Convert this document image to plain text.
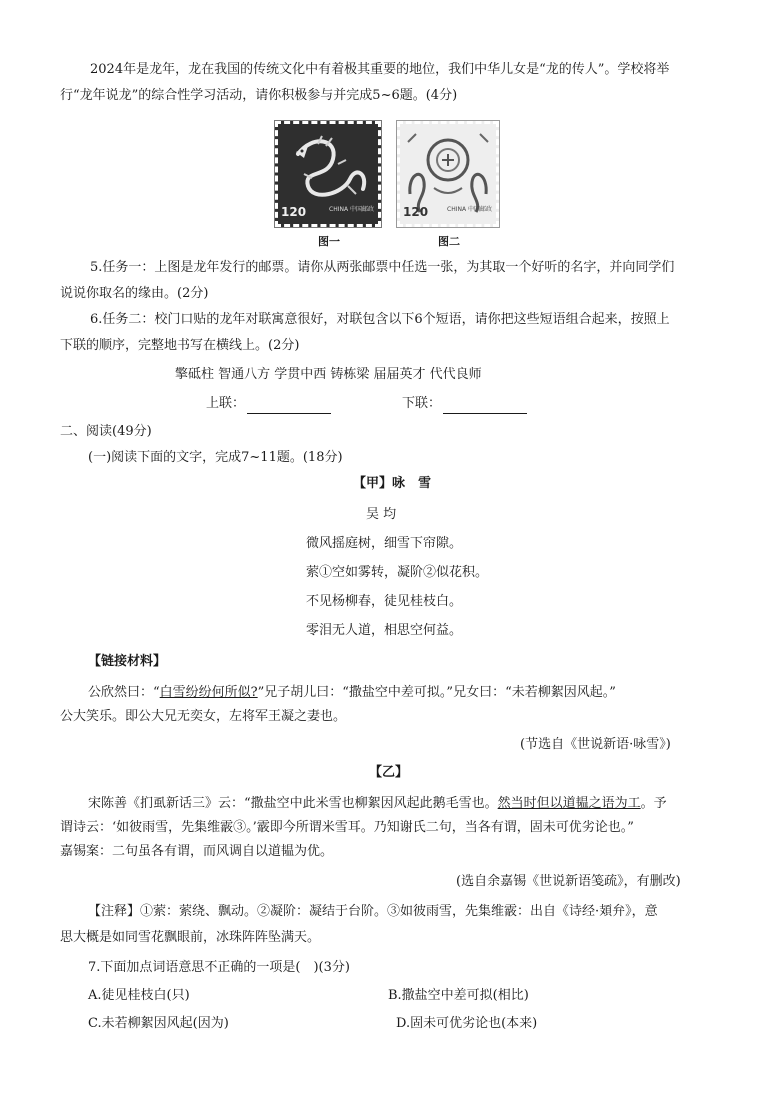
2024年是龙年，龙在我国的传统文化中有着极其重要的地位，我们中华儿女是“龙的传人”。学校将举
行“龙年说龙”的综合性学习活动，请你积极参与并完成5~6题。(4分)
120	CHINA 中国邮政
图一
120	CHINA 中国邮政
图二
5.任务一：上图是龙年发行的邮票。请你从两张邮票中任选一张，为其取一个好听的名字，并向同学们
说说你取名的缘由。(2分)
6.任务二：校门口贴的龙年对联寓意很好，对联包含以下6个短语，请你把这些短语组合起来，按照上
下联的顺序，完整地书写在横线上。(2分)
擎砥柱 智通八方 学贯中西 铸栋梁 届届英才 代代良师
上联：	下联：
二、阅读(49分)
(一)阅读下面的文字，完成7~11题。(18分)
【甲】咏　雪
吴 均
微风摇庭树，细雪下帘隙。
萦①空如雾转，凝阶②似花积。
不见杨柳春，徒见桂枝白。
零泪无人道，相思空何益。
【链接材料】
公欣然曰：“白雪纷纷何所似?”兄子胡儿曰：“撒盐空中差可拟。”兄女曰：“未若柳絮因风起。”
公大笑乐。即公大兄无奕女，左将军王凝之妻也。
(节选自《世说新语·咏雪》)
【乙】
宋陈善《扪虱新话三》云：“撒盐空中此米雪也柳絮因风起此鹅毛雪也。然当时但以道韫之语为工。予
谓诗云：‘如彼雨雪，先集维霰③。’霰即今所谓米雪耳。乃知谢氏二句，当各有谓，固未可优劣论也。”
嘉锡案：二句虽各有谓，而风调自以道韫为优。
(选自余嘉锡《世说新语笺疏》，有删改)
【注释】①萦：萦绕、飘动。②凝阶：凝结于台阶。③如彼雨雪，先集维霰：出自《诗经·頍弁》，意
思大概是如同雪花飘眼前，冰珠阵阵坠满天。
7.下面加点词语意思不正确的一项是(　)(3分)
A.徒见桂枝白(只)	B.撒盐空中差可拟(相比)
C.未若柳絮因风起(因为)	D.固未可优劣论也(本来)
